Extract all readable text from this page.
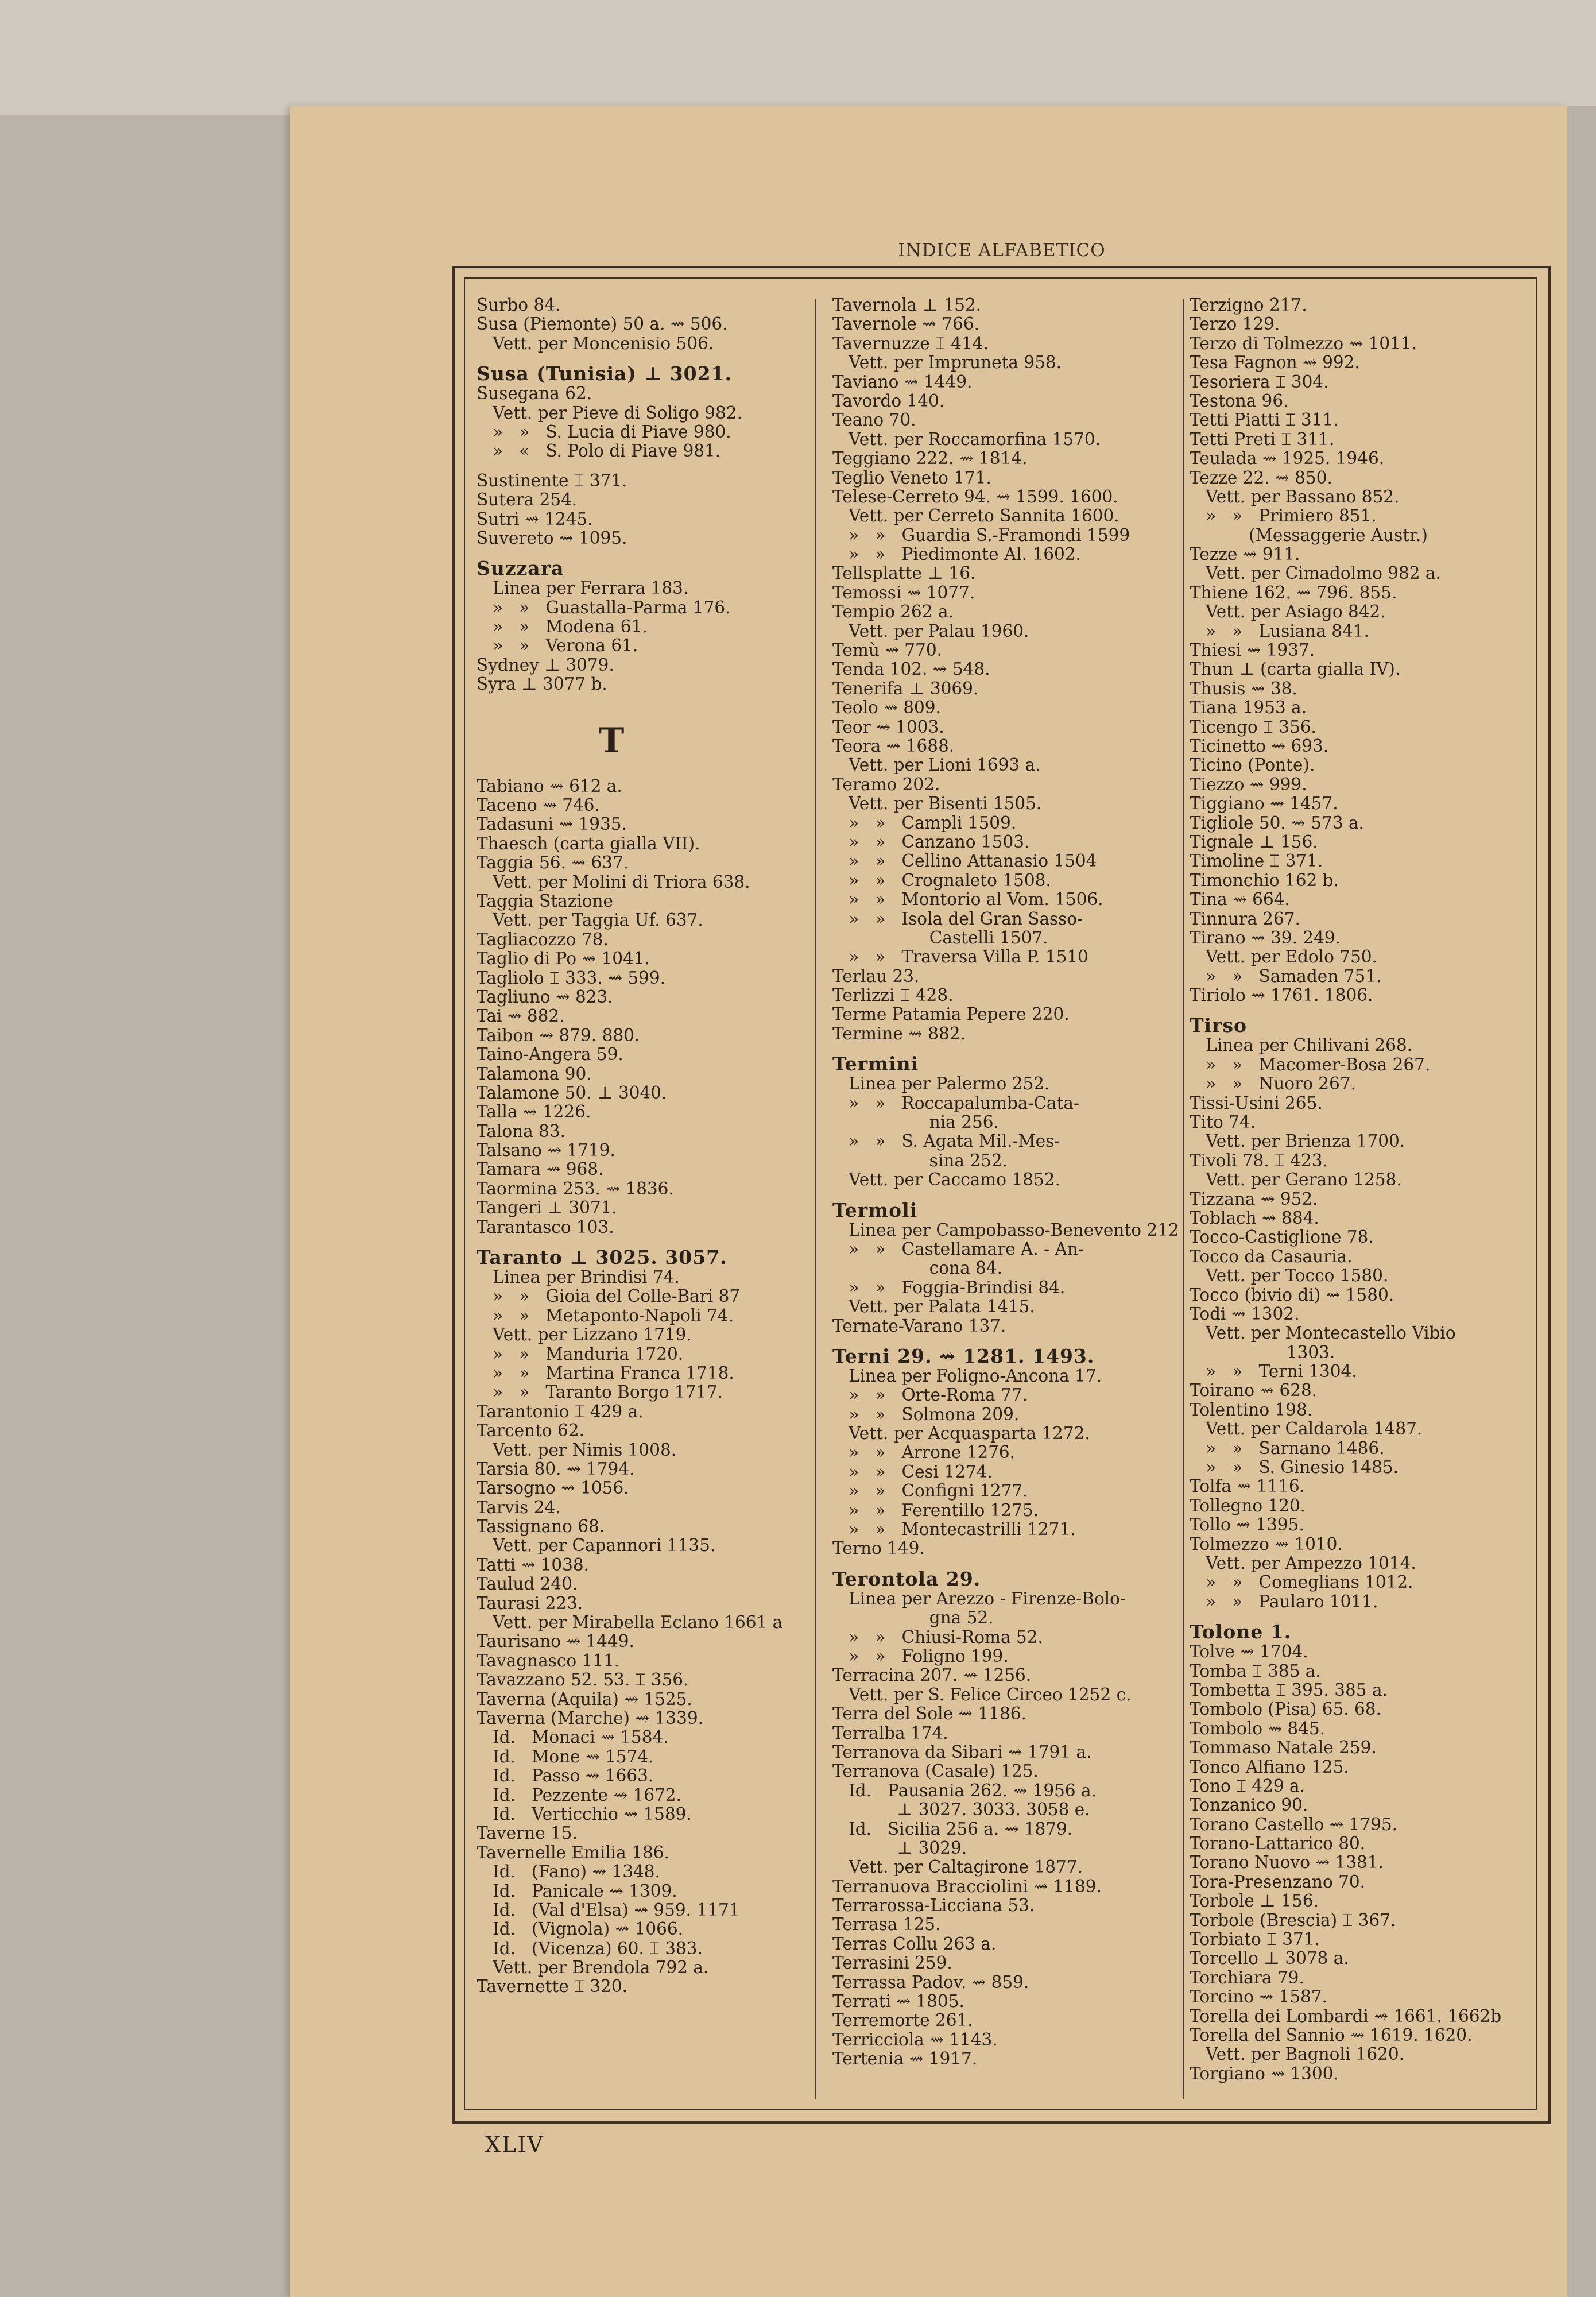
INDICE ALFABETICO
Surbo 84.
Susa (Piemonte) 50 a. ⇝ 506.
Vett. per Moncenisio 506.
Susa (Tunisia) ⊥ 3021.
Susegana 62.
Vett. per Pieve di Soligo 982.
»   »   S. Lucia di Piave 980.
»   «   S. Polo di Piave 981.
Sustinente ⌶ 371.
Sutera 254.
Sutri ⇝ 1245.
Suvereto ⇝ 1095.
Suzzara
Linea per Ferrara 183.
»   »   Guastalla-Parma 176.
»   »   Modena 61.
»   »   Verona 61.
Sydney ⊥ 3079.
Syra ⊥ 3077 b.
T
Tabiano ⇝ 612 a.
Taceno ⇝ 746.
Tadasuni ⇝ 1935.
Thaesch (carta gialla VII).
Taggia 56. ⇝ 637.
Vett. per Molini di Triora 638.
Taggia Stazione
Vett. per Taggia Uf. 637.
Tagliacozzo 78.
Taglio di Po ⇝ 1041.
Tagliolo ⌶ 333. ⇝ 599.
Tagliuno ⇝ 823.
Tai ⇝ 882.
Taibon ⇝ 879. 880.
Taino-Angera 59.
Talamona 90.
Talamone 50. ⊥ 3040.
Talla ⇝ 1226.
Talona 83.
Talsano ⇝ 1719.
Tamara ⇝ 968.
Taormina 253. ⇝ 1836.
Tangeri ⊥ 3071.
Tarantasco 103.
Taranto ⊥ 3025. 3057.
Linea per Brindisi 74.
»   »   Gioia del Colle-Bari 87
»   »   Metaponto-Napoli 74.
Vett. per Lizzano 1719.
»   »   Manduria 1720.
»   »   Martina Franca 1718.
»   »   Taranto Borgo 1717.
Tarantonio ⌶ 429 a.
Tarcento 62.
Vett. per Nimis 1008.
Tarsia 80. ⇝ 1794.
Tarsogno ⇝ 1056.
Tarvis 24.
Tassignano 68.
Vett. per Capannori 1135.
Tatti ⇝ 1038.
Taulud 240.
Taurasi 223.
Vett. per Mirabella Eclano 1661 a
Taurisano ⇝ 1449.
Tavagnasco 111.
Tavazzano 52. 53. ⌶ 356.
Taverna (Aquila) ⇝ 1525.
Taverna (Marche) ⇝ 1339.
Id.   Monaci ⇝ 1584.
Id.   Mone ⇝ 1574.
Id.   Passo ⇝ 1663.
Id.   Pezzente ⇝ 1672.
Id.   Verticchio ⇝ 1589.
Taverne 15.
Tavernelle Emilia 186.
Id.   (Fano) ⇝ 1348.
Id.   Panicale ⇝ 1309.
Id.   (Val d'Elsa) ⇝ 959. 1171
Id.   (Vignola) ⇝ 1066.
Id.   (Vicenza) 60. ⌶ 383.
Vett. per Brendola 792 a.
Tavernette ⌶ 320.
Tavernola ⊥ 152.
Tavernole ⇝ 766.
Tavernuzze ⌶ 414.
Vett. per Impruneta 958.
Taviano ⇝ 1449.
Tavordo 140.
Teano 70.
Vett. per Roccamorfina 1570.
Teggiano 222. ⇝ 1814.
Teglio Veneto 171.
Telese-Cerreto 94. ⇝ 1599. 1600.
Vett. per Cerreto Sannita 1600.
»   »   Guardia S.-Framondi 1599
»   »   Piedimonte Al. 1602.
Tellsplatte ⊥ 16.
Temossi ⇝ 1077.
Tempio 262 a.
Vett. per Palau 1960.
Temù ⇝ 770.
Tenda 102. ⇝ 548.
Tenerifa ⊥ 3069.
Teolo ⇝ 809.
Teor ⇝ 1003.
Teora ⇝ 1688.
Vett. per Lioni 1693 a.
Teramo 202.
Vett. per Bisenti 1505.
»   »   Campli 1509.
»   »   Canzano 1503.
»   »   Cellino Attanasio 1504
»   »   Crognaleto 1508.
»   »   Montorio al Vom. 1506.
»   »   Isola del Gran Sasso-
Castelli 1507.
»   »   Traversa Villa P. 1510
Terlau 23.
Terlizzi ⌶ 428.
Terme Patamia Pepere 220.
Termine ⇝ 882.
Termini
Linea per Palermo 252.
»   »   Roccapalumba-Cata-
nia 256.
»   »   S. Agata Mil.-Mes-
sina 252.
Vett. per Caccamo 1852.
Termoli
Linea per Campobasso-Benevento 212
»   »   Castellamare A. - An-
cona 84.
»   »   Foggia-Brindisi 84.
Vett. per Palata 1415.
Ternate-Varano 137.
Terni 29. ⇝ 1281. 1493.
Linea per Foligno-Ancona 17.
»   »   Orte-Roma 77.
»   »   Solmona 209.
Vett. per Acquasparta 1272.
»   »   Arrone 1276.
»   »   Cesi 1274.
»   »   Configni 1277.
»   »   Ferentillo 1275.
»   »   Montecastrilli 1271.
Terno 149.
Terontola 29.
Linea per Arezzo - Firenze-Bolo-
gna 52.
»   »   Chiusi-Roma 52.
»   »   Foligno 199.
Terracina 207. ⇝ 1256.
Vett. per S. Felice Circeo 1252 c.
Terra del Sole ⇝ 1186.
Terralba 174.
Terranova da Sibari ⇝ 1791 a.
Terranova (Casale) 125.
Id.   Pausania 262. ⇝ 1956 a.
⊥ 3027. 3033. 3058 e.
Id.   Sicilia 256 a. ⇝ 1879.
⊥ 3029.
Vett. per Caltagirone 1877.
Terranuova Bracciolini ⇝ 1189.
Terrarossa-Licciana 53.
Terrasa 125.
Terras Collu 263 a.
Terrasini 259.
Terrassa Padov. ⇝ 859.
Terrati ⇝ 1805.
Terremorte 261.
Terricciola ⇝ 1143.
Tertenia ⇝ 1917.
Terzigno 217.
Terzo 129.
Terzo di Tolmezzo ⇝ 1011.
Tesa Fagnon ⇝ 992.
Tesoriera ⌶ 304.
Testona 96.
Tetti Piatti ⌶ 311.
Tetti Preti ⌶ 311.
Teulada ⇝ 1925. 1946.
Tezze 22. ⇝ 850.
Vett. per Bassano 852.
»   »   Primiero 851.
(Messaggerie Austr.)
Tezze ⇝ 911.
Vett. per Cimadolmo 982 a.
Thiene 162. ⇝ 796. 855.
Vett. per Asiago 842.
»   »   Lusiana 841.
Thiesi ⇝ 1937.
Thun ⊥ (carta gialla IV).
Thusis ⇝ 38.
Tiana 1953 a.
Ticengo ⌶ 356.
Ticinetto ⇝ 693.
Ticino (Ponte).
Tiezzo ⇝ 999.
Tiggiano ⇝ 1457.
Tigliole 50. ⇝ 573 a.
Tignale ⊥ 156.
Timoline ⌶ 371.
Timonchio 162 b.
Tina ⇝ 664.
Tinnura 267.
Tirano ⇝ 39. 249.
Vett. per Edolo 750.
»   »   Samaden 751.
Tiriolo ⇝ 1761. 1806.
Tirso
Linea per Chilivani 268.
»   »   Macomer-Bosa 267.
»   »   Nuoro 267.
Tissi-Usini 265.
Tito 74.
Vett. per Brienza 1700.
Tivoli 78. ⌶ 423.
Vett. per Gerano 1258.
Tizzana ⇝ 952.
Toblach ⇝ 884.
Tocco-Castiglione 78.
Tocco da Casauria.
Vett. per Tocco 1580.
Tocco (bivio di) ⇝ 1580.
Todi ⇝ 1302.
Vett. per Montecastello Vibio
1303.
»   »   Terni 1304.
Toirano ⇝ 628.
Tolentino 198.
Vett. per Caldarola 1487.
»   »   Sarnano 1486.
»   »   S. Ginesio 1485.
Tolfa ⇝ 1116.
Tollegno 120.
Tollo ⇝ 1395.
Tolmezzo ⇝ 1010.
Vett. per Ampezzo 1014.
»   »   Comeglians 1012.
»   »   Paularo 1011.
Tolone 1.
Tolve ⇝ 1704.
Tomba ⌶ 385 a.
Tombetta ⌶ 395. 385 a.
Tombolo (Pisa) 65. 68.
Tombolo ⇝ 845.
Tommaso Natale 259.
Tonco Alfiano 125.
Tono ⌶ 429 a.
Tonzanico 90.
Torano Castello ⇝ 1795.
Torano-Lattarico 80.
Torano Nuovo ⇝ 1381.
Tora-Presenzano 70.
Torbole ⊥ 156.
Torbole (Brescia) ⌶ 367.
Torbiato ⌶ 371.
Torcello ⊥ 3078 a.
Torchiara 79.
Torcino ⇝ 1587.
Torella dei Lombardi ⇝ 1661. 1662b
Torella del Sannio ⇝ 1619. 1620.
Vett. per Bagnoli 1620.
Torgiano ⇝ 1300.
XLIV
